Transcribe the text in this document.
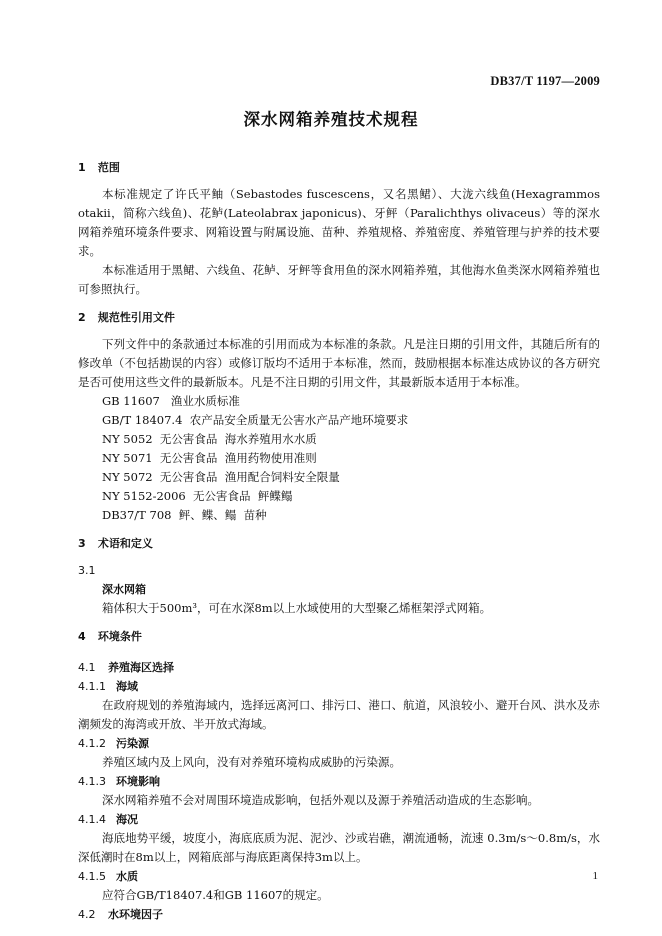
DB37/T 1197—2009
深水网箱养殖技术规程
1 范围

本标准规定了许氏平鲉（Sebastodes fuscescens，又名黑鲪）、大泷六线鱼(Hexagrammos otakii，简称六线鱼)、花鲈(Lateolabrax japonicus)、牙鲆（Paralichthys olivaceus）等的深水网箱养殖环境条件要求、网箱设置与附属设施、苗种、养殖规格、养殖密度、养殖管理与护养的技术要求。

本标准适用于黑鲪、六线鱼、花鲈、牙鲆等食用鱼的深水网箱养殖，其他海水鱼类深水网箱养殖也可参照执行。

2 规范性引用文件

下列文件中的条款通过本标准的引用而成为本标准的条款。凡是注日期的引用文件，其随后所有的修改单（不包括勘误的内容）或修订版均不适用于本标准，然而，鼓励根据本标准达成协议的各方研究是否可使用这些文件的最新版本。凡是不注日期的引用文件，其最新版本适用于本标准。

GB 11607   渔业水质标准

GB/T 18407.4  农产品安全质量无公害水产品产地环境要求

NY 5052  无公害食品  海水养殖用水水质

NY 5071  无公害食品  渔用药物使用准则

NY 5072  无公害食品  渔用配合饲料安全限量

NY 5152-2006  无公害食品  鲆鲽鳎

DB37/T 708  鲆、鲽、鳎  苗种

3 术语和定义

3.1

深水网箱

箱体积大于500m³，可在水深8m以上水域使用的大型聚乙烯框架浮式网箱。

4 环境条件
4.1 养殖海区选择
4.1.1 海域

在政府规划的养殖海域内，选择远离河口、排污口、港口、航道，风浪较小、避开台风、洪水及赤潮频发的海湾或开放、半开放式海域。

4.1.2 污染源

养殖区域内及上风向，没有对养殖环境构成威胁的污染源。

4.1.3 环境影响

深水网箱养殖不会对周围环境造成影响，包括外观以及源于养殖活动造成的生态影响。

4.1.4 海况

海底地势平缓，坡度小，海底底质为泥、泥沙、沙或岩礁，潮流通畅，流速 0.3m/s～0.8m/s，水深低潮时在8m以上，网箱底部与海底距离保持3m以上。

4.1.5 水质

应符合GB/T18407.4和GB 11607的规定。

4.2 水环境因子
1
